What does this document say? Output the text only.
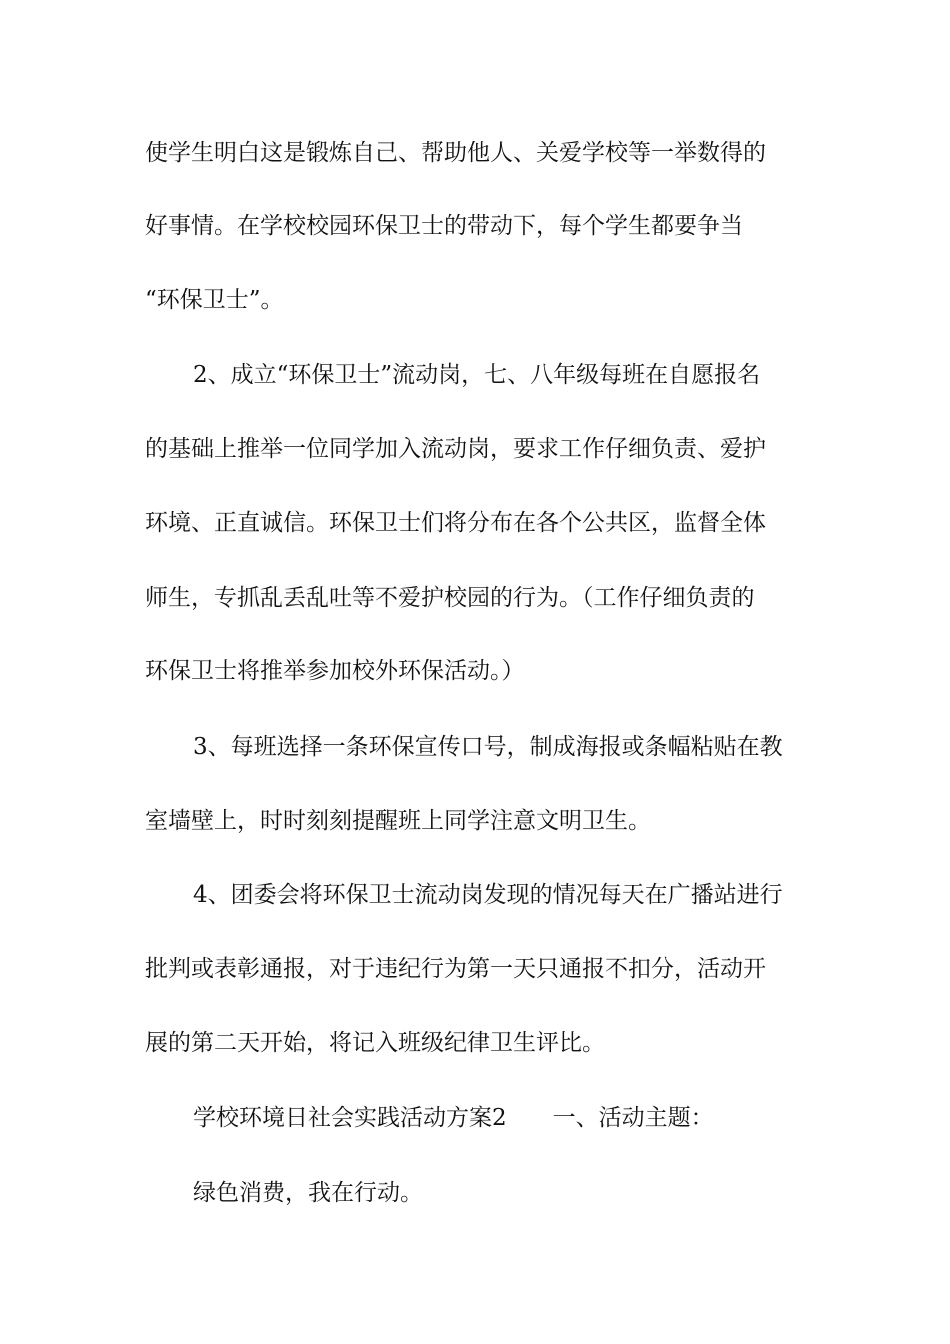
使学生明白这是锻炼自己、帮助他人、关爱学校等一举数得的
好事情。在学校校园环保卫士的带动下，每个学生都要争当
“环保卫士”。
2、成立“环保卫士”流动岗，七、八年级每班在自愿报名
的基础上推举一位同学加入流动岗，要求工作仔细负责、爱护
环境、正直诚信。环保卫士们将分布在各个公共区，监督全体
师生，专抓乱丢乱吐等不爱护校园的行为。（工作仔细负责的
环保卫士将推举参加校外环保活动。）
3、每班选择一条环保宣传口号，制成海报或条幅粘贴在教
室墙壁上，时时刻刻提醒班上同学注意文明卫生。
4、团委会将环保卫士流动岗发现的情况每天在广播站进行
批判或表彰通报，对于违纪行为第一天只通报不扣分，活动开
展的第二天开始，将记入班级纪律卫生评比。
学校环境日社会实践活动方案2 一、活动主题：
绿色消费，我在行动。
